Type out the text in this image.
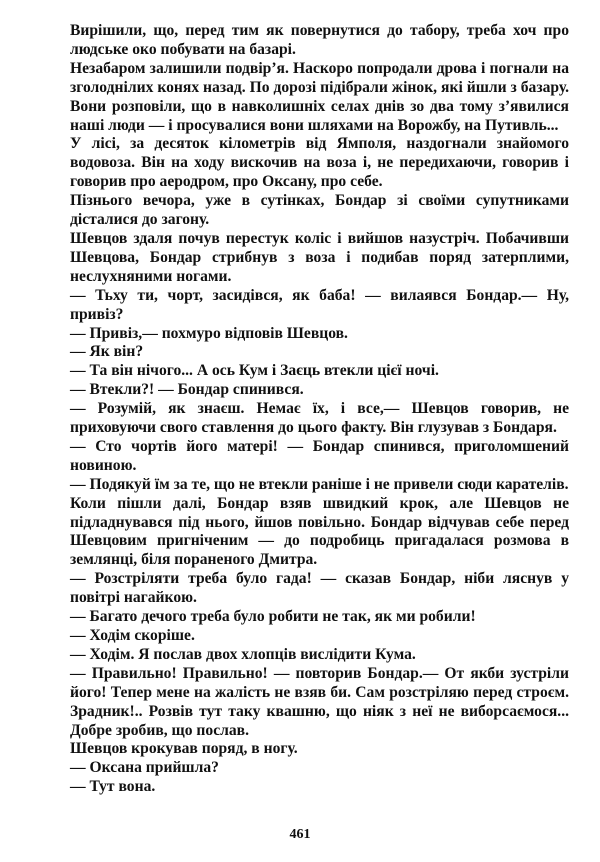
Вирішили, що, перед тим як повернутися до табору, треба хоч про людське око побувати на базарі.

Незабаром залишили подвір’я. Наскоро попродали дрова і погнали на зголоднілих конях назад. По дорозі підібрали жінок, які йшли з базару. Вони розповіли, що в навколишніх селах днів зо два тому з’явилися наші люди — і просувалися вони шляхами на Ворожбу, на Путивль...

У лісі, за десяток кілометрів від Ямполя, наздогнали знайомого водовоза. Він на ходу вискочив на воза і, не передихаючи, говорив і говорив про аеродром, про Оксану, про себе.

Пізнього вечора, уже в сутінках, Бондар зі своїми супутниками дісталися до загону.

Шевцов здаля почув перестук коліс і вийшов назустріч. Побачивши Шевцова, Бондар стрибнув з воза і подибав поряд затерплими, неслухняними ногами.

— Тьху ти, чорт, засидівся, як баба! — вилаявся Бондар.— Ну, привіз?

— Привіз,— похмуро відповів Шевцов.

— Як він?

— Та він нічого... А ось Кум і Заєць втекли цієї ночі.

— Втекли?! — Бондар спинився.

— Розумій, як знаєш. Немає їх, і все,— Шевцов говорив, не приховуючи свого ставлення до цього факту. Він глузував з Бондаря.

— Сто чортів його матері! — Бондар спинився, приголомшений новиною.

— Подякуй їм за те, що не втекли раніше і не привели сюди карателів.

Коли пішли далі, Бондар взяв швидкий крок, але Шевцов не підладнувався під нього, йшов повільно. Бондар відчував себе перед Шевцовим пригніченим — до подробиць пригадалася розмова в землянці, біля пораненого Дмитра.

— Розстріляти треба було гада! — сказав Бондар, ніби ляснув у повітрі нагайкою.

— Багато дечого треба було робити не так, як ми робили!

— Ходім скоріше.

— Ходім. Я послав двох хлопців вислідити Кума.

— Правильно! Правильно! — повторив Бондар.— От якби зустріли його! Тепер мене на жалість не взяв би. Сам розстріляю перед строєм. Зрадник!.. Розвів тут таку квашню, що ніяк з неї не виборсаємося... Добре зробив, що послав.

Шевцов крокував поряд, в ногу.

— Оксана прийшла?

— Тут вона.

461
